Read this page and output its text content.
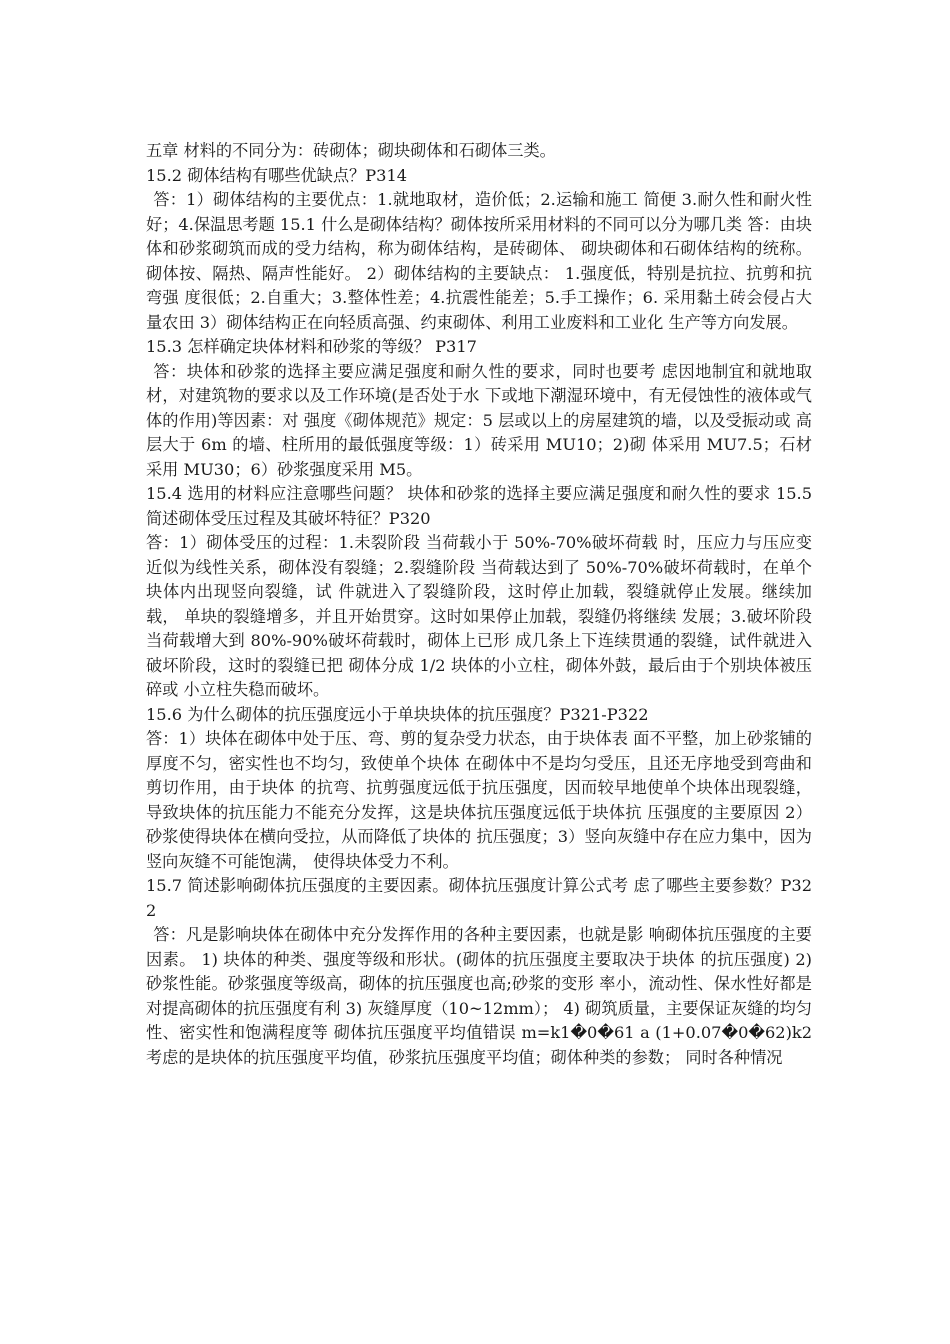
五章 材料的不同分为：砖砌体；砌块砌体和石砌体三类。

15.2 砌体结构有哪些优缺点？P314

答：1）砌体结构的主要优点：1.就地取材，造价低；2.运输和施工 简便 3.耐久性和耐火性好；4.保温思考题 15.1 什么是砌体结构？砌体按所采用材料的不同可以分为哪几类 答：由块体和砂浆砌筑而成的受力结构，称为砌体结构，是砖砌体、 砌块砌体和石砌体结构的统称。 砌体按、隔热、隔声性能好。 2）砌体结构的主要缺点： 1.强度低，特别是抗拉、抗剪和抗弯强 度很低；2.自重大；3.整体性差；4.抗震性能差；5.手工操作；6. 采用黏土砖会侵占大量农田 3）砌体结构正在向轻质高强、约束砌体、利用工业废料和工业化 生产等方向发展。

15.3 怎样确定块体材料和砂浆的等级？ P317

答：块体和砂浆的选择主要应满足强度和耐久性的要求，同时也要考 虑因地制宜和就地取材，对建筑物的要求以及工作环境(是否处于水 下或地下潮湿环境中，有无侵蚀性的液体或气体的作用)等因素：对 强度《砌体规范》规定：5 层或以上的房屋建筑的墙，以及受振动或 高层大于 6m 的墙、柱所用的最低强度等级：1）砖采用 MU10；2)砌 体采用 MU7.5；石材采用 MU30；6）砂浆强度采用 M5。

15.4 选用的材料应注意哪些问题？ 块体和砂浆的选择主要应满足强度和耐久性的要求 15.5 简述砌体受压过程及其破坏特征？P320

答：1）砌体受压的过程：1.未裂阶段 当荷载小于 50%-70%破坏荷载 时，压应力与压应变近似为线性关系，砌体没有裂缝；2.裂缝阶段 当荷载达到了 50%-70%破坏荷载时，在单个块体内出现竖向裂缝，试 件就进入了裂缝阶段，这时停止加载，裂缝就停止发展。继续加载， 单块的裂缝增多，并且开始贯穿。这时如果停止加载，裂缝仍将继续 发展；3.破坏阶段 当荷载增大到 80%-90%破坏荷载时，砌体上已形 成几条上下连续贯通的裂缝，试件就进入破坏阶段，这时的裂缝已把 砌体分成 1/2 块体的小立柱，砌体外鼓，最后由于个别块体被压碎或 小立柱失稳而破坏。

15.6 为什么砌体的抗压强度远小于单块块体的抗压强度？P321-P322

答：1）块体在砌体中处于压、弯、剪的复杂受力状态，由于块体表 面不平整，加上砂浆铺的厚度不匀，密实性也不均匀，致使单个块体 在砌体中不是均匀受压，且还无序地受到弯曲和剪切作用，由于块体 的抗弯、抗剪强度远低于抗压强度，因而较早地使单个块体出现裂缝， 导致块体的抗压能力不能充分发挥，这是块体抗压强度远低于块体抗 压强度的主要原因 2）砂浆使得块体在横向受拉，从而降低了块体的 抗压强度；3）竖向灰缝中存在应力集中，因为竖向灰缝不可能饱满， 使得块体受力不利。

15.7 简述影响砌体抗压强度的主要因素。砌体抗压强度计算公式考 虑了哪些主要参数？P322

答：凡是影响块体在砌体中充分发挥作用的各种主要因素，也就是影 响砌体抗压强度的主要因素。 1) 块体的种类、强度等级和形状。(砌体的抗压强度主要取决于块体 的抗压强度) 2) 砂浆性能。砂浆强度等级高，砌体的抗压强度也高;砂浆的变形 率小，流动性、保水性好都是对提高砌体的抗压强度有利 3) 灰缝厚度（10~12mm）； 4) 砌筑质量，主要保证灰缝的均匀性、密实性和饱满程度等 砌体抗压强度平均值错误 m=k1�0�61 a (1+0.07�0�62)k2 考虑的是块体的抗压强度平均值，砂浆抗压强度平均值；砌体种类的参数； 同时各种情况
